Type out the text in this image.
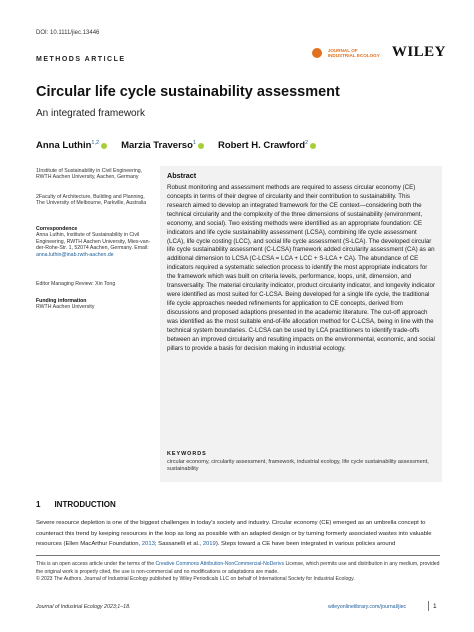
DOI: 10.1111/jiec.13446
JOURNAL OF
INDUSTRIAL ECOLOGY WILEY
METHODS ARTICLE
Circular life cycle sustainability assessment
An integrated framework
Anna Luthin$^{1,2}$	Marzia Traverso$^1$	Robert H. Crawford$^2$
1Institute of Sustainability in Civil Engineering, RWTH Aachen University, Aachen, Germany
2Faculty of Architecture, Building and Planning, The University of Melbourne, Parkville, Australia
Correspondence
Anna Luthin, Institute of Sustainability in Civil Engineering, RWTH Aachen University, Mies-van-der-Rohe-Str. 1, 52074 Aachen, Germany. Email: anna.luthin@inab.rwth-aachen.de
Editor Managing Review: Xin Tong
Funding information
RWTH Aachen University
Abstract

Robust monitoring and assessment methods are required to assess circular economy (CE) concepts in terms of their degree of circularity and their contribution to sustainability. This research aimed to develop an integrated framework for the CE context—considering both the technical circularity and the complexity of the three dimensions of sustainability (environment, economy, and social). Two existing methods were identified as an appropriate foundation: CE indicators and life cycle sustainability assessment (LCSA), combining life cycle assessment (LCA), life cycle costing (LCC), and social life cycle assessment (S-LCA). The developed circular life cycle sustainability assessment (C-LCSA) framework added circularity assessment (CA) as an additional dimension to LCSA (C-LCSA = LCA + LCC + S-LCA + CA). The abundance of CE indicators required a systematic selection process to identify the most appropriate indicators for the framework which was built on criteria levels, performance, loops, unit, dimension, and transversality. The material circularity indicator, product circularity indicator, and longevity indicator were identified as most suited for C-LCSA. Being developed for a single life cycle, the traditional life cycle approaches needed refinements for application to CE concepts, derived from discussions and proposed adaptions presented in the academic literature. The cut-off approach was identified as the most suitable end-of-life allocation method for C-LCSA, being in line with the technical system boundaries. C-LCSA can be used by LCA practitioners to identify trade-offs between an improved circularity and resulting impacts on the environmental, economic, and social pillars to provide a basis for decision making in industrial ecology.

KEYWORDS

circular economy, circularity assessment, framework, industrial ecology, life cycle sustainability assessment, sustainability

1 INTRODUCTION

Severe resource depletion is one of the biggest challenges in today's society and industry. Circular economy (CE) emerged as an umbrella concept to counteract this trend by keeping resources in the loop as long as possible with an adapted design or by turning formerly associated wastes into valuable resources (Ellen MacArthur Foundation, 2013; Sassanelli et al., 2019). Steps toward a CE have been integrated in various policies around

This is an open access article under the terms of the Creative Commons Attribution-NonCommercial-NoDerivs License, which permits use and distribution in any medium, provided the original work is properly cited, the use is non-commercial and no modifications or adaptations are made.
© 2023 The Authors. Journal of Industrial Ecology published by Wiley Periodicals LLC on behalf of International Society for Industrial Ecology.

Journal of Industrial Ecology 2023;1–18.	wileyonlinelibrary.com/journal/jiec	1
